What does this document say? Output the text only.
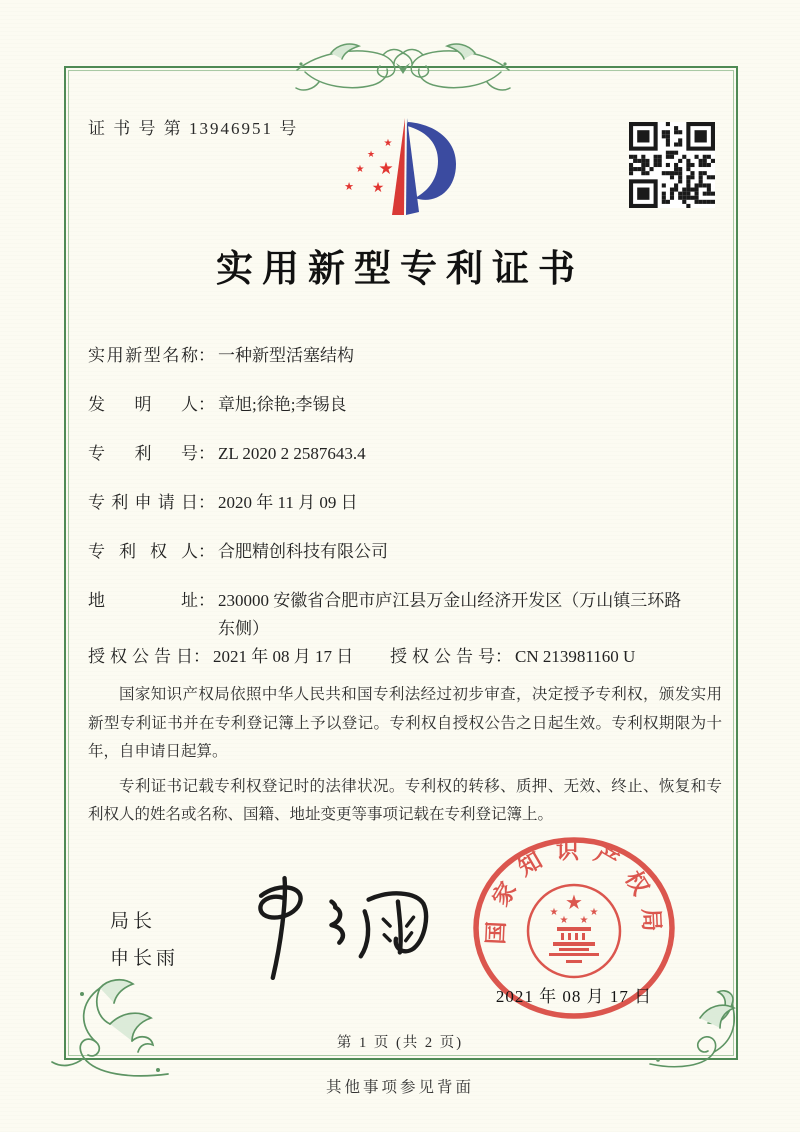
证 书 号 第 13946951 号
★
★
★
★
★
★
实用新型专利证书
实用新型名称 ： 一种新型活塞结构
发明人 ： 章旭;徐艳;李锡良
专利号 ： ZL 2020 2 2587643.4
专利申请日 ： 2020 年 11 月 09 日
专利权人 ： 合肥精创科技有限公司
地址 ： 230000 安徽省合肥市庐江县万金山经济开发区（万山镇三环路东侧）
授权公告日 ： 2021 年 08 月 17 日 授权公告号 ： CN 213981160 U

国家知识产权局依照中华人民共和国专利法经过初步审查，决定授予专利权，颁发实用新型专利证书并在专利登记簿上予以登记。专利权自授权公告之日起生效。专利权期限为十年，自申请日起算。

专利证书记载专利权登记时的法律状况。专利权的转移、质押、无效、终止、恢复和专利权人的姓名或名称、国籍、地址变更等事项记载在专利登记簿上。

局长
申长雨
国家知识产权局
★
★
★ ★
★
2021 年 08 月 17 日
第 1 页 (共 2 页)
其他事项参见背面
